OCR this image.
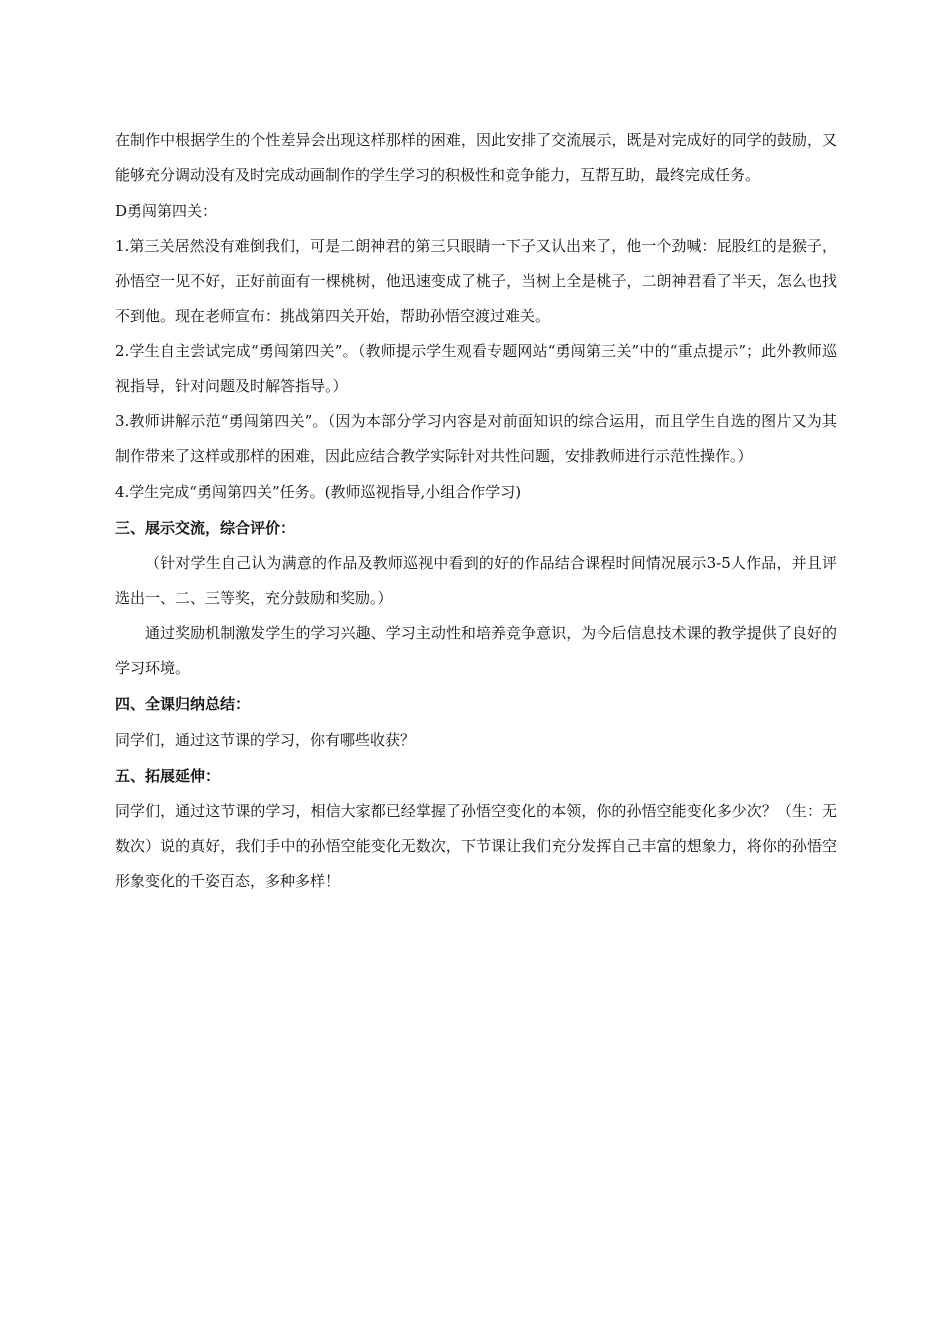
在制作中根据学生的个性差异会出现这样那样的困难，因此安排了交流展示，既是对完成好的同学的鼓励，又能够充分调动没有及时完成动画制作的学生学习的积极性和竞争能力，互帮互助，最终完成任务。

D勇闯第四关：

1.第三关居然没有难倒我们，可是二朗神君的第三只眼睛一下子又认出来了，他一个劲喊：屁股红的是猴子，孙悟空一见不好，正好前面有一棵桃树，他迅速变成了桃子，当树上全是桃子，二朗神君看了半天，怎么也找不到他。现在老师宣布：挑战第四关开始，帮助孙悟空渡过难关。

2.学生自主尝试完成“勇闯第四关”。（教师提示学生观看专题网站“勇闯第三关”中的“重点提示”；此外教师巡视指导，针对问题及时解答指导。）

3.教师讲解示范“勇闯第四关”。（因为本部分学习内容是对前面知识的综合运用，而且学生自选的图片又为其制作带来了这样或那样的困难，因此应结合教学实际针对共性问题，安排教师进行示范性操作。）

4.学生完成“勇闯第四关”任务。(教师巡视指导,小组合作学习)

三、展示交流，综合评价：

（针对学生自己认为满意的作品及教师巡视中看到的好的作品结合课程时间情况展示3-5人作品，并且评选出一、二、三等奖，充分鼓励和奖励。）

通过奖励机制激发学生的学习兴趣、学习主动性和培养竞争意识，为今后信息技术课的教学提供了良好的学习环境。

四、全课归纳总结：

同学们，通过这节课的学习，你有哪些收获？

五、拓展延伸：

同学们，通过这节课的学习，相信大家都已经掌握了孙悟空变化的本领，你的孙悟空能变化多少次？（生：无数次）说的真好，我们手中的孙悟空能变化无数次，下节课让我们充分发挥自己丰富的想象力，将你的孙悟空形象变化的千姿百态，多种多样！
